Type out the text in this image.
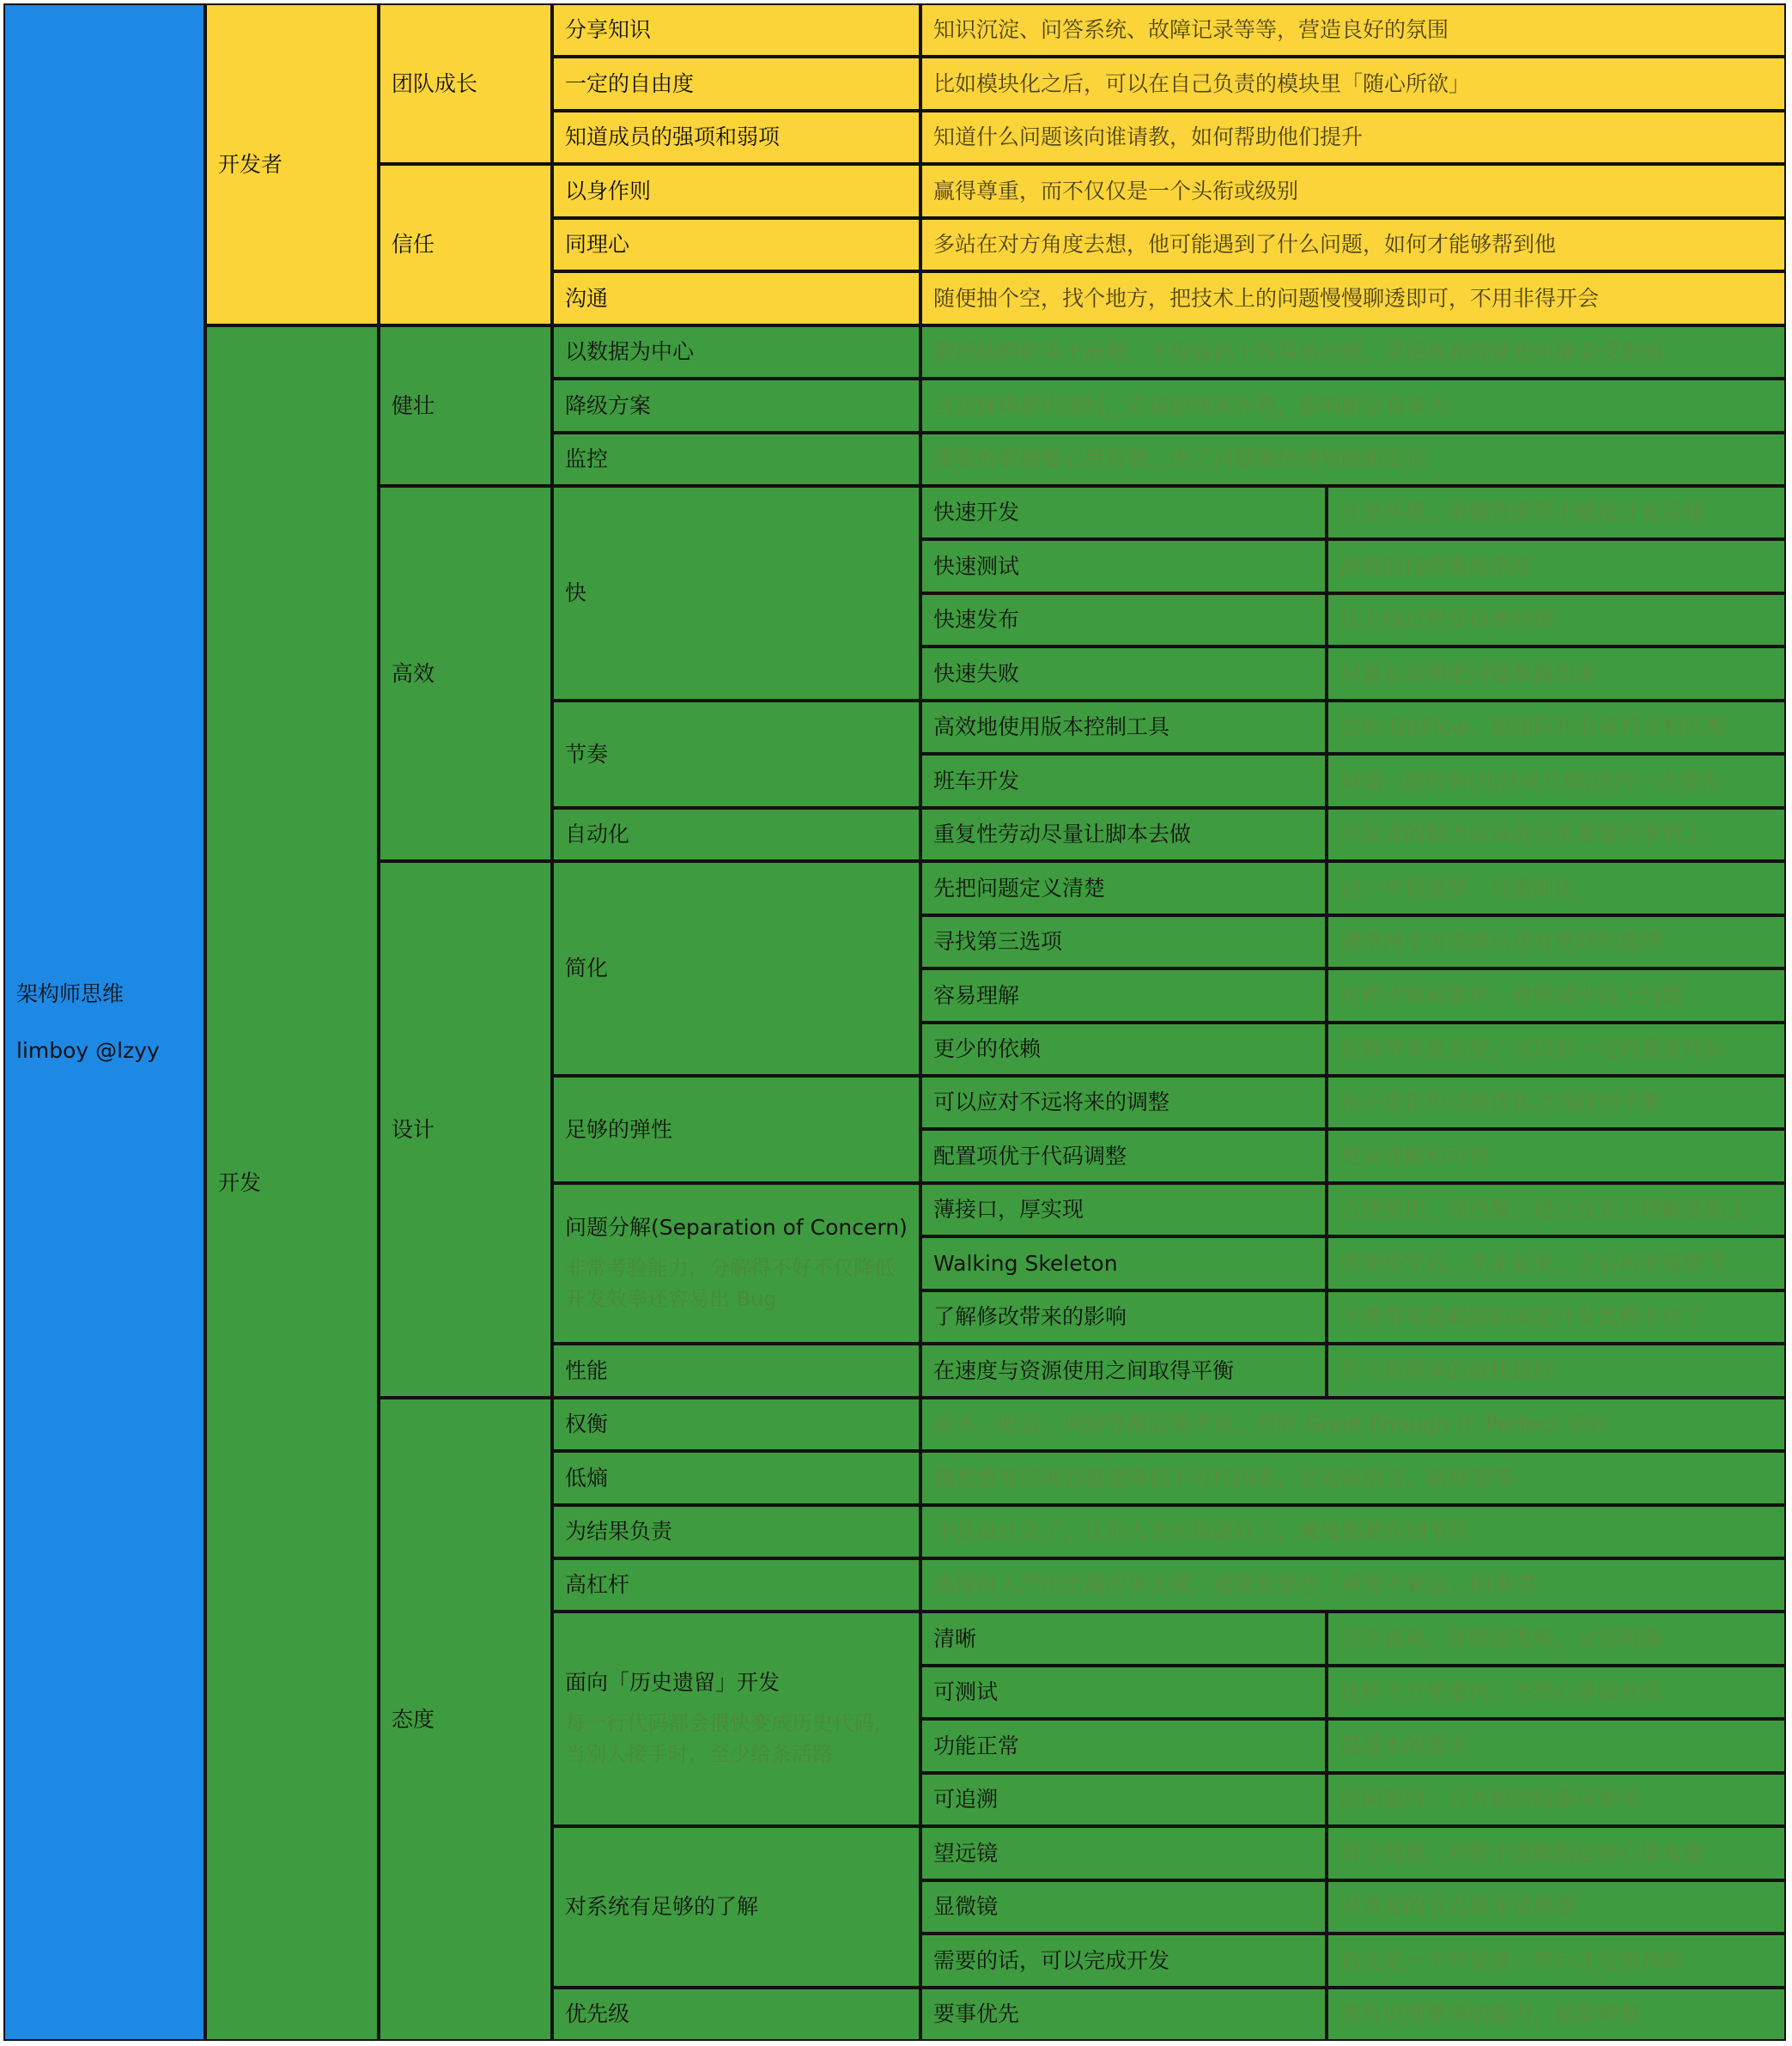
架构师思维
limboy @lzyy
开发者
团队成长
分享知识	知识沉淀、问答系统、故障记录等等，营造良好的氛围
一定的自由度	比如模块化之后，可以在自己负责的模块里「随心所欲」
知道成员的强项和弱项	知道什么问题该向谁请教，如何帮助他们提升
信任
以身作则	赢得尊重，而不仅仅是一个头衔或级别
同理心	多站在对方角度去想，他可能遇到了什么问题，如何才能够帮到他
沟通	随便抽个空，找个地方，把技术上的问题慢慢聊透即可，不用非得开会
开发
健壮
以数据为中心	数据结构如果不清晰，不仅编码上容易出问题，灵活度和性能也可能会受影响
降级方案	当边缘场景出现时，应该如何来补救，影响面会有多大
监控	重要的数据要心里有数，出了问题能快速知晓和定位
高效
快
快速开发	开发环境、依赖管理等不能拖开发后腿
快速测试	高效的持续集成系统
快速发布	让上线过程变得更轻便
快速失败	尽量在前期把问题暴露出来
节奏
高效地使用版本控制工具	比如 GitFlow，跟团队和业务特点相匹配
班车开发	每隔一段时间(几日或几周)进行一次发布
自动化	重复性劳动尽量让脚本去做	开发者的精力应该放在更重要的事情上
设计
简化
先把问题定义清楚	这一步很重要，尽量细化
寻找第三选项	通常两个可选项后还有更好的选项
容易理解	这样才容易维护，也能减少线上问题
更少的依赖	依赖带来复杂度，可以有一定的重复代码
足够的弹性
可以应对不远将来的调整	在不优化和过度优化之间找到平衡
配置项优于代码调整	更易理解和可控
问题分解(Separation of Concern)
非常考验能力，分解得不好不仅降低开发效率还容易出 Bug
薄接口，厚实现	方便使用，高内聚，建立在充分理解基础上
Walking Skeleton	骨架搭完后，先走起来，之后再丰富细节
了解修改带来的影响	不要带来隐藏缺陷或把开发流程卡住了
性能	在速度与资源使用之间取得平衡	并不是简单的越快越好
态度
权衡	成本、收益、风险等都需要考虑，有时 Good Enough 比 Perfect 更好
低熵	越是重要的项目越要降低不可控因素，比如新语言，新框架等
为结果负责	不是设计完了，让别人去实现就好了，魔鬼都藏在细节里
高杠杆	选择投入产出比高的事去做，通常是那些「重要不紧急」的事情
面向「历史遗留」开发
每一行代码都会很快变成历史代码，当别人接手时，至少给条活路
清晰	名字直观，逻辑易理解，分层明确
可测试	这样才方便重构，不然心里没有底
功能正常	最基本的要求
可追溯	出问题时，有方便的线索可参考
对系统有足够的了解
望远镜	有全局观，对整个流程的运转心里有谱
显微镜	对重要的节点要非常熟悉
需要的话，可以完成开发	首先是一个开发者，然后才是架构师
优先级	要事优先	要有识别要事的能力，按需调整
